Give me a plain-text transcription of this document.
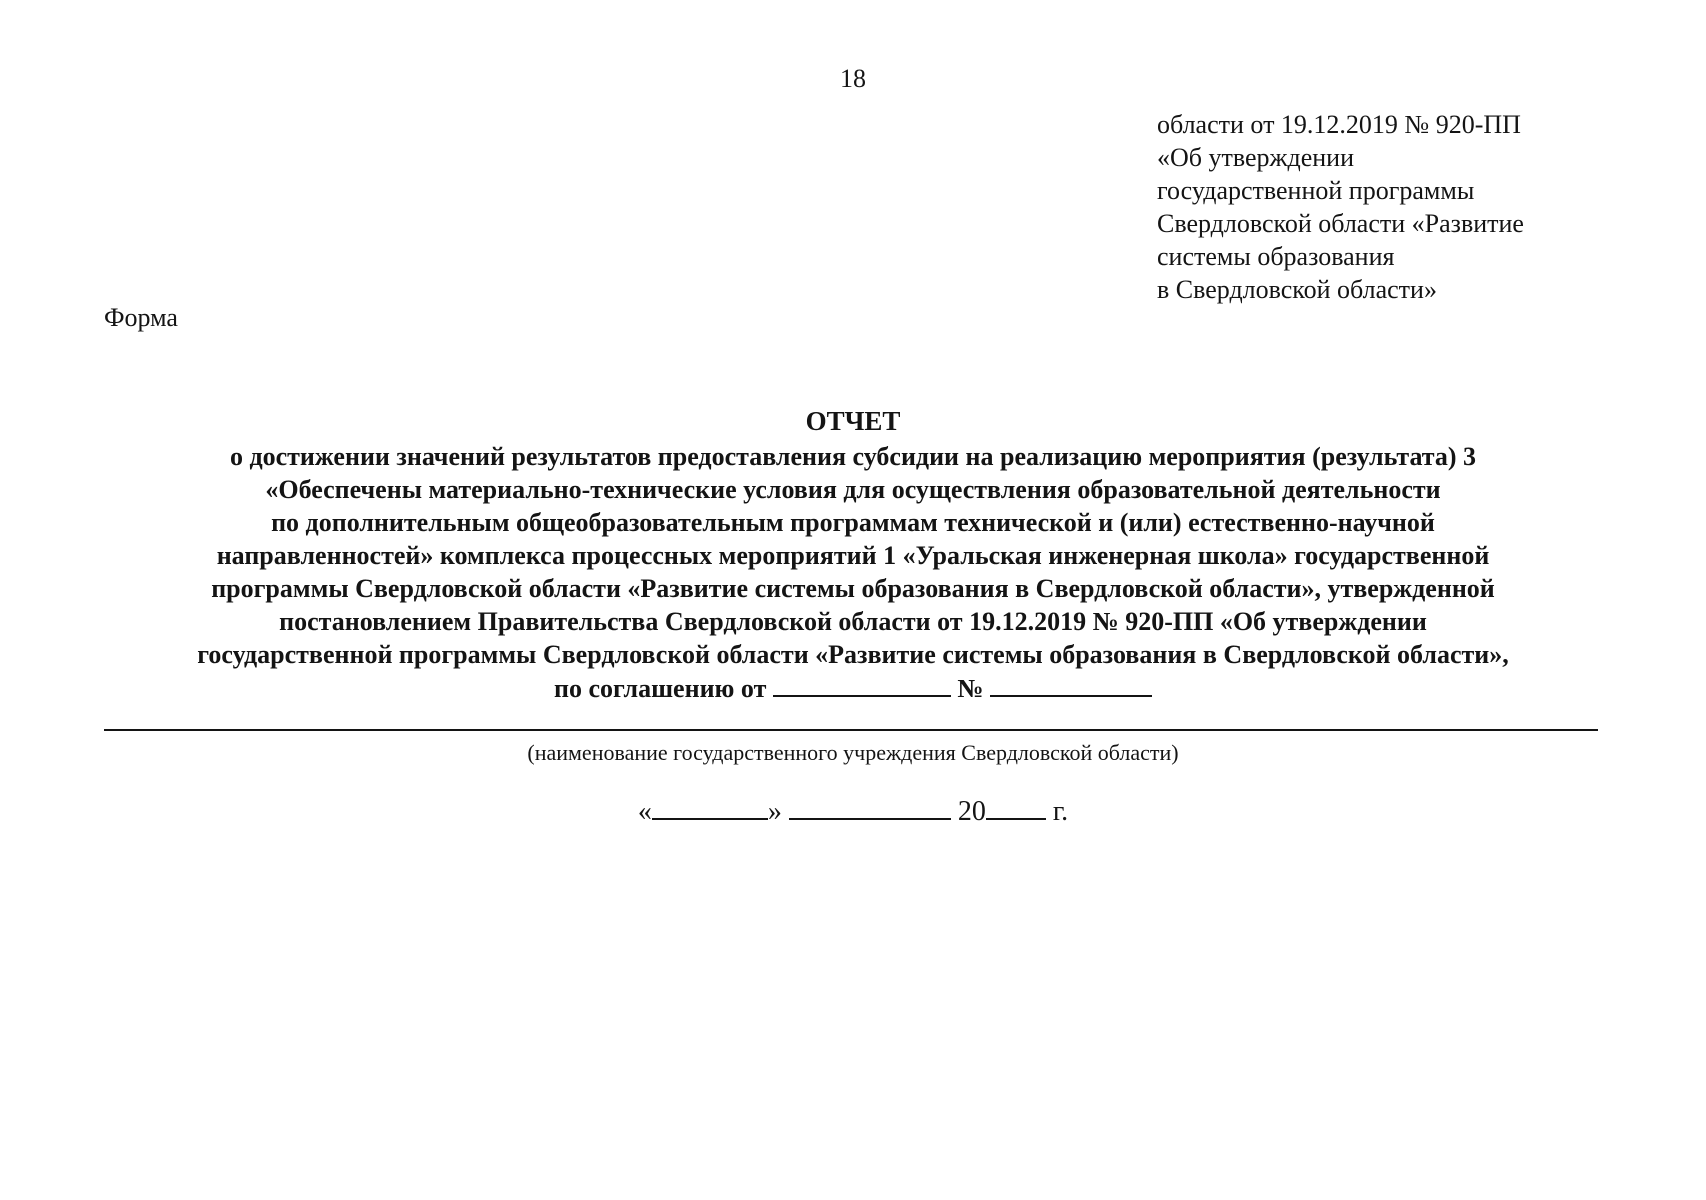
18
области от 19.12.2019 № 920-ПП
«Об утверждении
государственной программы
Свердловской области «Развитие
системы образования
в Свердловской области»
Форма
ОТЧЕТ
о достижении значений результатов предоставления субсидии на реализацию мероприятия (результата) 3
«Обеспечены материально-технические условия для осуществления образовательной деятельности
по дополнительным общеобразовательным программам технической и (или) естественно-научной
направленностей» комплекса процессных мероприятий 1 «Уральская инженерная школа» государственной
программы Свердловской области «Развитие системы образования в Свердловской области», утвержденной
постановлением Правительства Свердловской области от 19.12.2019 № 920-ПП «Об утверждении
государственной программы Свердловской области «Развитие системы образования в Свердловской области»,
по соглашению от	№
(наименование государственного учреждения Свердловской области)
«	»	20 г.
